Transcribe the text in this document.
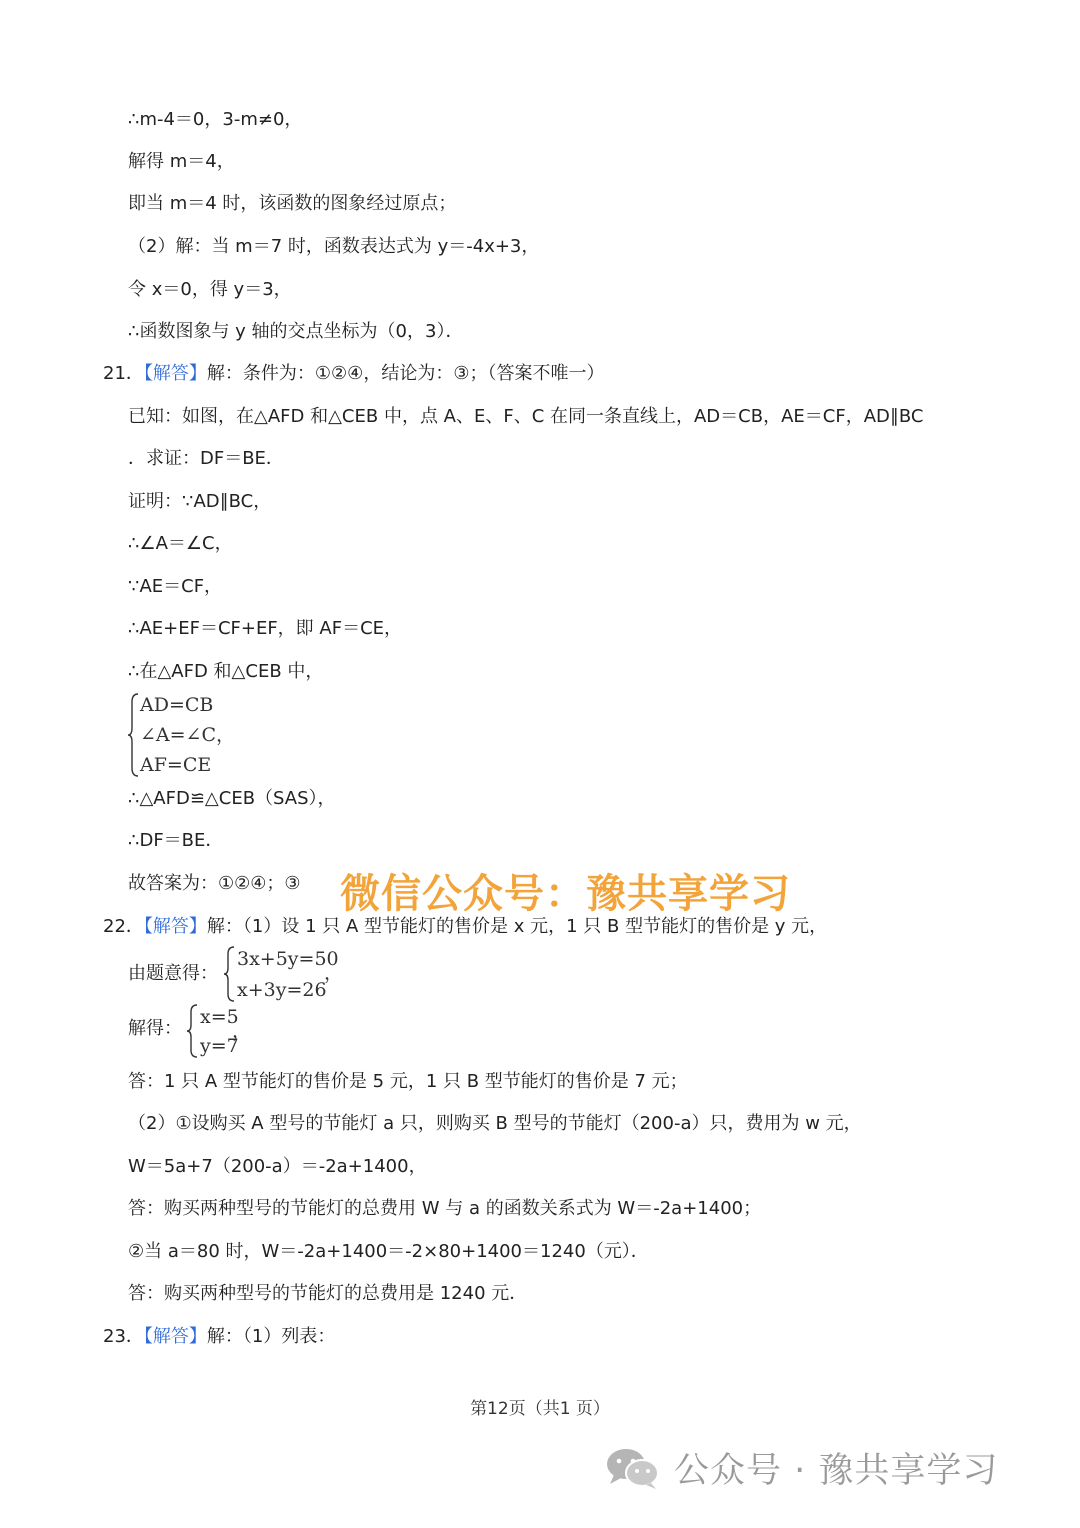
∴m-4＝0，3-m≠0，
解得 m＝4，
即当 m＝4 时，该函数的图象经过原点；
（2）解：当 m＝7 时，函数表达式为 y＝-4x+3，
令 x＝0，得 y＝3，
∴函数图象与 y 轴的交点坐标为（0，3）．
21．【解答】解：条件为：①②④，结论为：③；（答案不唯一）
已知：如图，在△AFD 和△CEB 中，点 A、E、F、C 在同一条直线上，AD＝CB，AE＝CF，AD∥BC
．求证：DF＝BE．
证明：∵AD∥BC，
∴∠A＝∠C，
∵AE＝CF，
∴AE+EF＝CF+EF，即 AF＝CE，
∴在△AFD 和△CEB 中，
AD=CB
∠A=∠C，
AF=CE
∴△AFD≌△CEB（SAS），
∴DF＝BE．
故答案为：①②④；③ 微信公众号：豫共享学习
22．【解答】解：（1）设 1 只 A 型节能灯的售价是 x 元，1 只 B 型节能灯的售价是 y 元，
由题意得：
3x+5y=50
x+3y=26
，
解得：
x=5
y=7
，
答：1 只 A 型节能灯的售价是 5 元，1 只 B 型节能灯的售价是 7 元；
（2）①设购买 A 型号的节能灯 a 只，则购买 B 型号的节能灯（200-a）只，费用为 w 元，
W＝5a+7（200-a）＝-2a+1400，
答：购买两种型号的节能灯的总费用 W 与 a 的函数关系式为 W＝-2a+1400；
②当 a＝80 时，W＝-2a+1400＝-2×80+1400＝1240（元）．
答：购买两种型号的节能灯的总费用是 1240 元．
23．【解答】解：（1）列表：
第12页（共1 页）
公众号 · 豫共享学习
